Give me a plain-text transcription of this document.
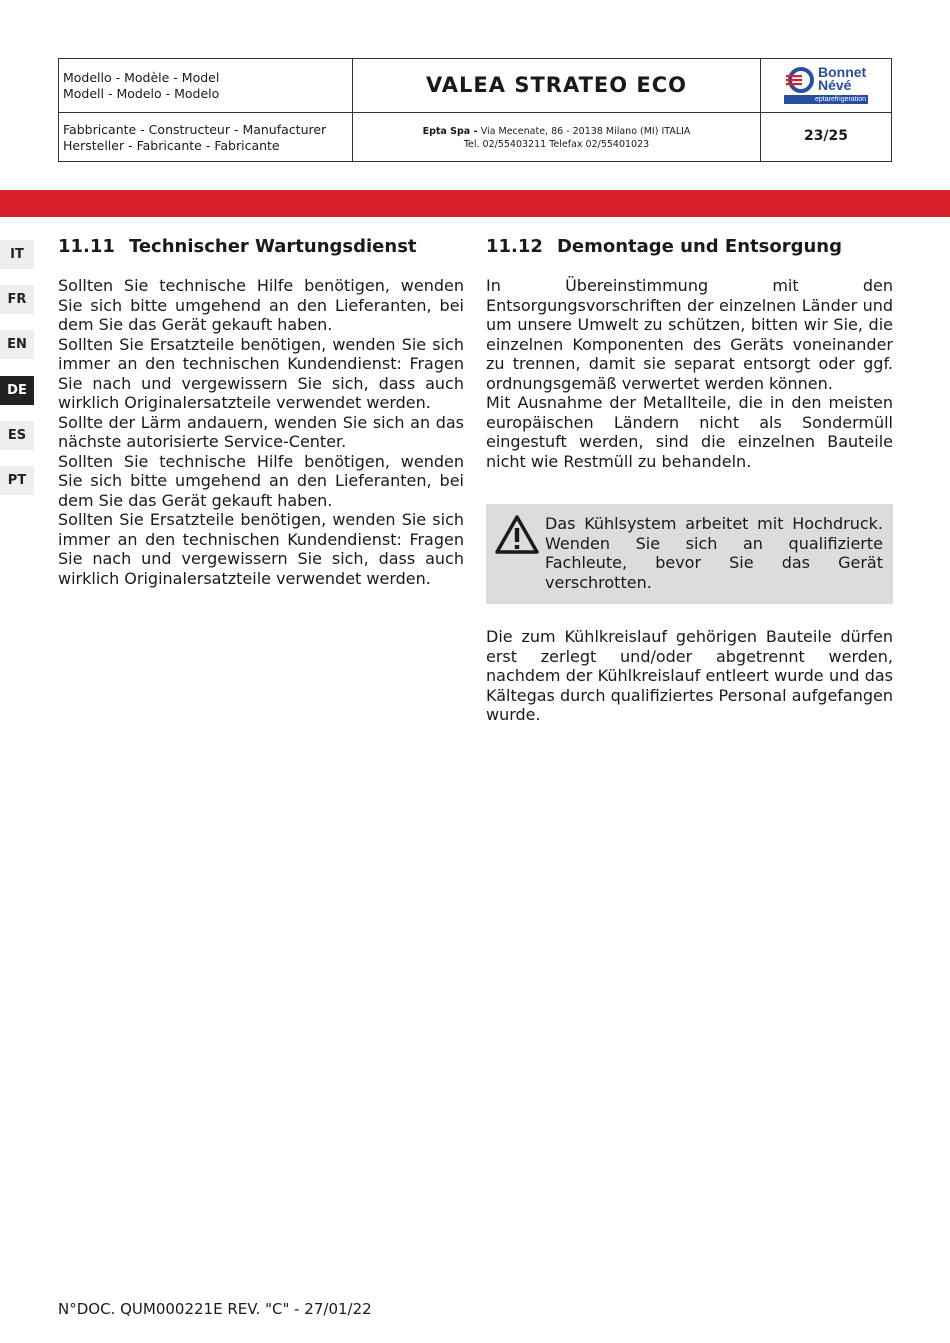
Modello - Modèle - Model
Modell - Modelo - Modelo	VALEA STRATEO ECO
Fabbricante - Constructeur - Manufacturer
Hersteller - Fabricante - Fabricante
Epta Spa - Via Mecenate, 86 - 20138 Milano (MI) ITALIA
Tel. 02/55403211 Telefax 02/55401023
23/25
Bonnet
Névé
eptarefrigeration
IT
FR
EN
DE
ES
PT
11.11 Technischer Wartungsdienst
Sollten Sie technische Hilfe benötigen, wenden Sie sich bitte umgehend an den Lieferanten, bei dem Sie das Gerät gekauft haben.
Sollten Sie Ersatzteile benötigen, wenden Sie sich immer an den technischen Kundendienst: Fragen Sie nach und vergewissern Sie sich, dass auch wirklich Originalersatzteile verwendet werden.
Sollte der Lärm andauern, wenden Sie sich an das nächste autorisierte Service-Center.
Sollten Sie technische Hilfe benötigen, wenden Sie sich bitte umgehend an den Lieferanten, bei dem Sie das Gerät gekauft haben.
Sollten Sie Ersatzteile benötigen, wenden Sie sich immer an den technischen Kundendienst: Fragen Sie nach und vergewissern Sie sich, dass auch wirklich Originalersatzteile verwendet werden.
11.12 Demontage und Entsorgung
In Übereinstimmung mit den Entsorgungsvorschriften der einzelnen Länder und um unsere Umwelt zu schützen, bitten wir Sie, die einzelnen Komponenten des Geräts voneinander zu trennen, damit sie separat entsorgt oder ggf. ordnungsgemäß verwertet werden können.
Mit Ausnahme der Metallteile, die in den meisten europäischen Ländern nicht als Sondermüll eingestuft werden, sind die einzelnen Bauteile nicht wie Restmüll zu behandeln.
Das Kühlsystem arbeitet mit Hochdruck. Wenden Sie sich an qualifizierte Fachleute, bevor Sie das Gerät verschrotten.
Die zum Kühlkreislauf gehörigen Bauteile dürfen erst zerlegt und/oder abgetrennt werden, nachdem der Kühlkreislauf entleert wurde und das Kältegas durch qualifiziertes Personal aufgefangen wurde.
N°DOC. QUM000221E REV. "C" - 27/01/22
